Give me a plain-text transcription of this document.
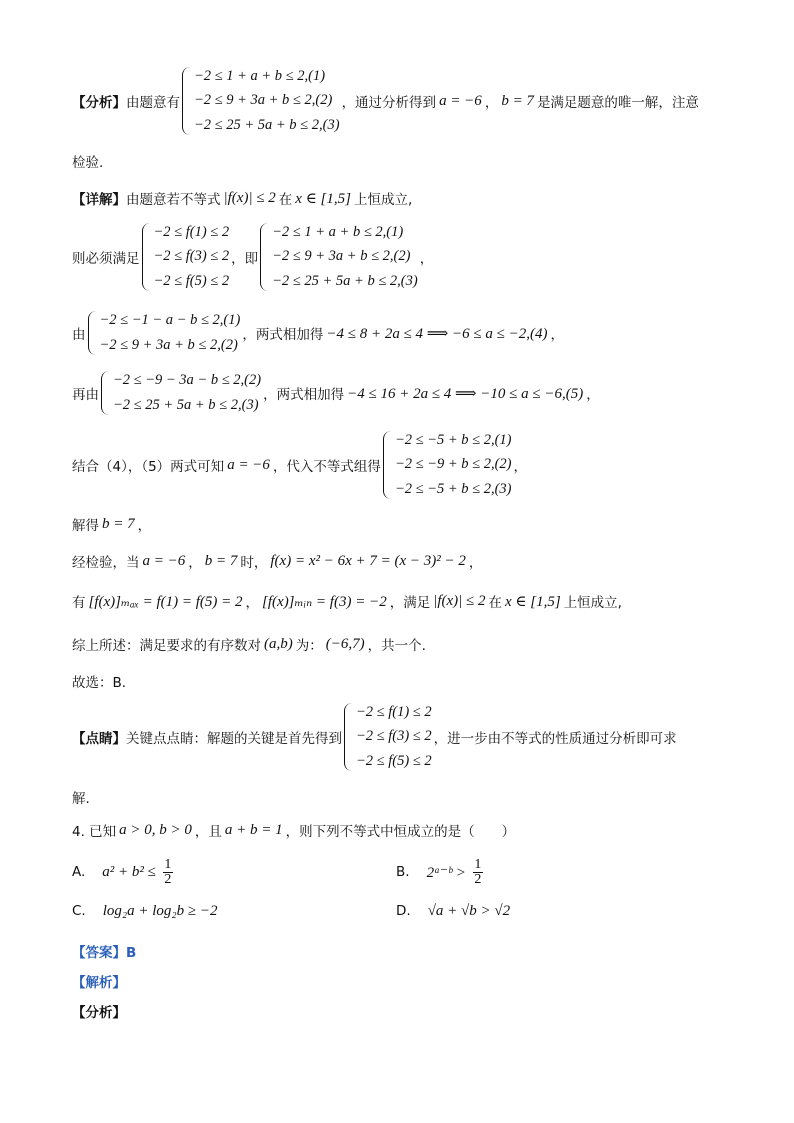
【分析】 由题意有
−2 ≤ 1 + a + b ≤ 2,(1)
−2 ≤ 9 + 3a + b ≤ 2,(2)
−2 ≤ 25 + 5a + b ≤ 2,(3)
，通过分析得到 a = −6 ， b = 7 是满足题意的唯一解，注意
检验.
【详解】 由题意若不等式 |f(x)| ≤ 2 在 x ∈ [1,5] 上恒成立,
则必须满足
−2 ≤ f(1) ≤ 2
−2 ≤ f(3) ≤ 2
−2 ≤ f(5) ≤ 2
，即
−2 ≤ 1 + a + b ≤ 2,(1)
−2 ≤ 9 + 3a + b ≤ 2,(2)
−2 ≤ 25 + 5a + b ≤ 2,(3)
，
由
−2 ≤ −1 − a − b ≤ 2,(1)
−2 ≤ 9 + 3a + b ≤ 2,(2)
，两式相加得 −4 ≤ 8 + 2a ≤ 4 ⟹ −6 ≤ a ≤ −2,(4) ，
再由
−2 ≤ −9 − 3a − b ≤ 2,(2)
−2 ≤ 25 + 5a + b ≤ 2,(3)
，两式相加得 −4 ≤ 16 + 2a ≤ 4 ⟹ −10 ≤ a ≤ −6,(5) ，
结合（4），（5）两式可知 a = −6 ，代入不等式组得
−2 ≤ −5 + b ≤ 2,(1)
−2 ≤ −9 + b ≤ 2,(2)
−2 ≤ −5 + b ≤ 2,(3)
，
解得 b = 7 ，
经检验，当 a = −6 ， b = 7 时， f(x) = x² − 6x + 7 = (x − 3)² − 2 ，
有 [f(x)]ₘₐₓ = f(1) = f(5) = 2 ， [f(x)]ₘᵢₙ = f(3) = −2 ，满足 |f(x)| ≤ 2 在 x ∈ [1,5] 上恒成立,
综上所述：满足要求的有序数对 (a,b) 为： (−6,7) ，共一个.
故选：B.
【点睛】 关键点点睛：解题的关键是首先得到
−2 ≤ f(1) ≤ 2
−2 ≤ f(3) ≤ 2
−2 ≤ f(5) ≤ 2
，进一步由不等式的性质通过分析即可求
解.
4. 已知 a > 0, b > 0 ，且 a + b = 1 ，则下列不等式中恒成立的是（　　）
A. $a^2 + b^2 \le \frac{1}{2}$	B. 2ᵃ⁻ᵇ > $\frac{1}{2}$
C. log₂a + log₂b ≥ −2	D. √a + √b > √2
【答案】B
【解析】
【分析】
